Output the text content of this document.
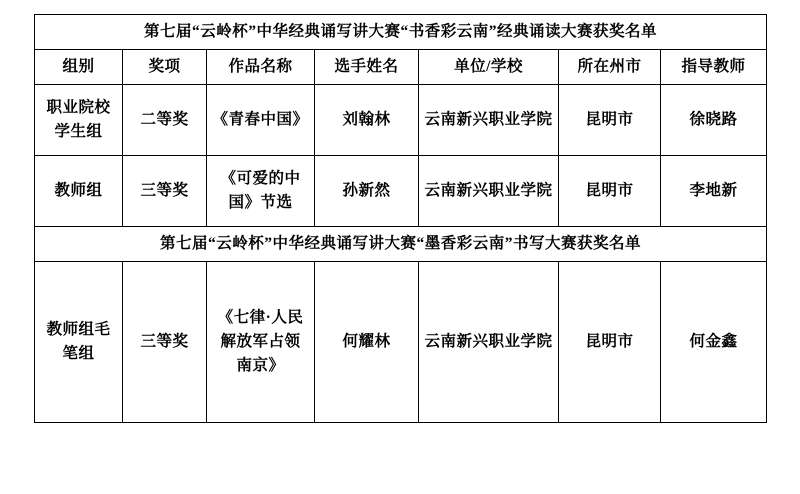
第七届“云岭杯”中华经典诵写讲大赛“书香彩云南”经典诵读大赛获奖名单						
组别	奖项	作品名称	选手姓名	单位/学校	所在州市	指导教师
职业院校学生组	二等奖	《青春中国》	刘翰林	云南新兴职业学院	昆明市	徐晓路
教师组	三等奖	《可爱的中国》节选	孙新然	云南新兴职业学院	昆明市	李地新
第七届“云岭杯”中华经典诵写讲大赛“墨香彩云南”书写大赛获奖名单						
教师组毛笔组	三等奖	《七律·人民解放军占领 南京》	何耀林	云南新兴职业学院	昆明市	何金鑫
